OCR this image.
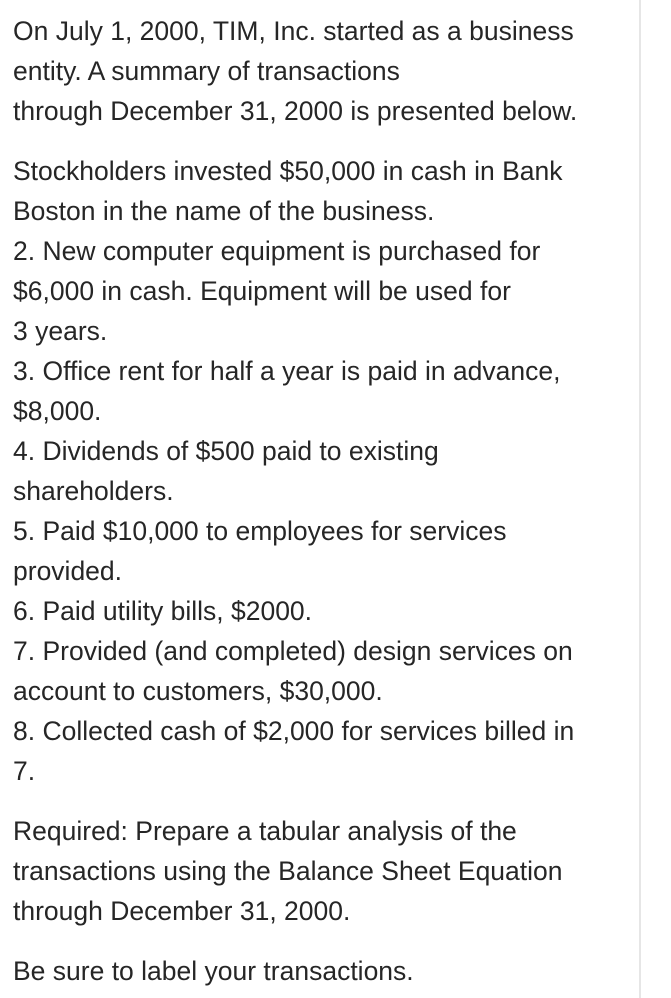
On July 1, 2000, TIM, Inc. started as a business
entity. A summary of transactions
through December 31, 2000 is presented below.

Stockholders invested $50,000 in cash in Bank
Boston in the name of the business.

2. New computer equipment is purchased for
$6,000 in cash. Equipment will be used for
3 years.

3. Office rent for half a year is paid in advance,
$8,000.

4. Dividends of $500 paid to existing
shareholders.

5. Paid $10,000 to employees for services
provided.

6. Paid utility bills, $2000.

7. Provided (and completed) design services on
account to customers, $30,000.

8. Collected cash of $2,000 for services billed in
7.

Required: Prepare a tabular analysis of the
transactions using the Balance Sheet Equation
through December 31, 2000.

Be sure to label your transactions.
